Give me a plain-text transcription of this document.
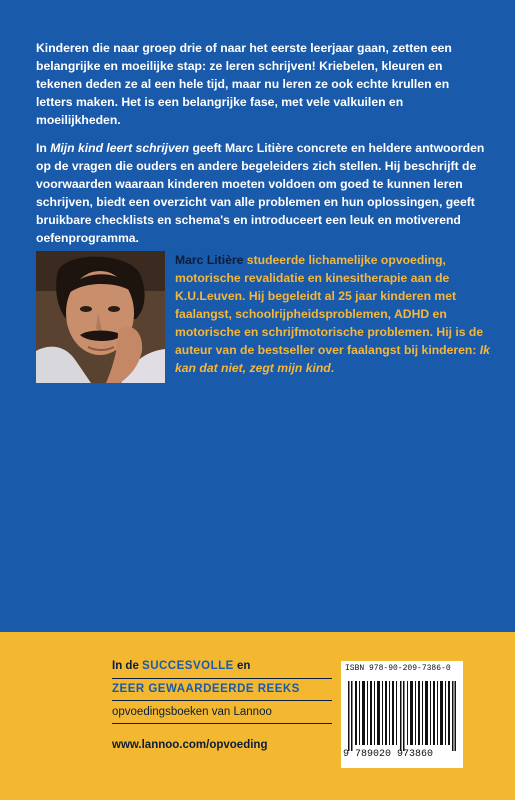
Kinderen die naar groep drie of naar het eerste leerjaar gaan, zetten een belangrijke en moeilijke stap: ze leren schrijven! Kriebelen, kleuren en tekenen deden ze al een hele tijd, maar nu leren ze ook echte krullen en letters maken. Het is een belangrijke fase, met vele valkuilen en moeilijkheden.
In Mijn kind leert schrijven geeft Marc Litière concrete en heldere antwoorden op de vragen die ouders en andere begeleiders zich stellen. Hij beschrijft de voorwaarden waaraan kinderen moeten voldoen om goed te kunnen leren schrijven, biedt een overzicht van alle problemen en hun oplossingen, geeft bruikbare checklists en schema's en introduceert een leuk en motiverend oefenprogramma.
Marc Litière studeerde lichamelijke opvoeding, motorische revalidatie en kinesitherapie aan de K.U.Leuven. Hij begeleidt al 25 jaar kinderen met faalangst, schoolrijpheidsproblemen, ADHD en motorische en schrijfmotorische problemen. Hij is de auteur van de bestseller over faalangst bij kinderen: Ik kan dat niet, zegt mijn kind.
In de SUCCESVOLLE en
ZEER GEWAARDEERDE REEKS
opvoedingsboeken van Lannoo
www.lannoo.com/opvoeding
ISBN 978-90-209-7386-0
9 789020 973860
